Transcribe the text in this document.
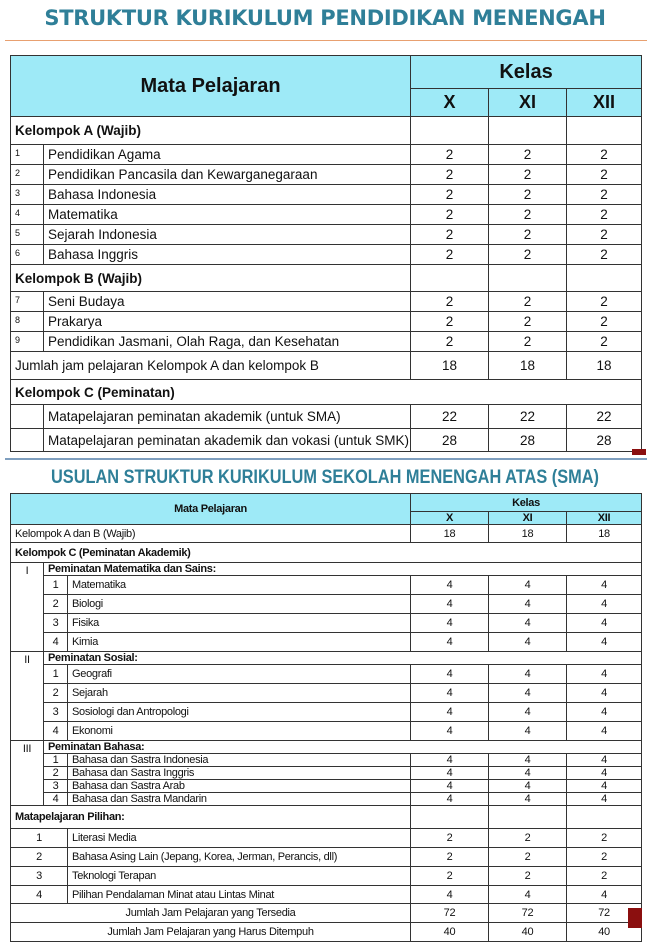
STRUKTUR KURIKULUM PENDIDIKAN MENENGAH
Mata Pelajaran		Kelas		
		X	XI	XII
Kelompok A (Wajib)				
1	Pendidikan Agama	2	2	2
2	Pendidikan Pancasila dan Kewarganegaraan	2	2	2
3	Bahasa Indonesia	2	2	2
4	Matematika	2	2	2
5	Sejarah Indonesia	2	2	2
6	Bahasa Inggris	2	2	2
Kelompok B (Wajib)				
7	Seni Budaya	2	2	2
8	Prakarya	2	2	2
9	Pendidikan Jasmani, Olah Raga, dan Kesehatan	2	2	2
Jumlah jam pelajaran Kelompok A dan kelompok B		18	18	18
Kelompok C (Peminatan)				
	Matapelajaran peminatan akademik (untuk SMA)	22	22	22
	Matapelajaran peminatan akademik dan vokasi (untuk SMK)	28	28	28
USULAN STRUKTUR KURIKULUM SEKOLAH MENENGAH ATAS (SMA)
Mata Pelajaran			Kelas		
			X	XI	XII
Kelompok A dan B (Wajib)			18	18	18
Kelompok C (Peminatan Akademik)					
I	Peminatan Matematika dan Sains:				
	1	Matematika	4	4	4
	2	Biologi	4	4	4
	3	Fisika	4	4	4
	4	Kimia	4	4	4
II	Peminatan Sosial:				
	1	Geografi	4	4	4
	2	Sejarah	4	4	4
	3	Sosiologi dan Antropologi	4	4	4
	4	Ekonomi	4	4	4
III	Peminatan Bahasa:				
	1	Bahasa dan Sastra Indonesia	4	4	4
	2	Bahasa dan Sastra Inggris	4	4	4
	3	Bahasa dan Sastra Arab	4	4	4
	4	Bahasa dan Sastra Mandarin	4	4	4
Matapelajaran Pilihan:					
1		Literasi Media	2	2	2
2		Bahasa Asing Lain (Jepang, Korea, Jerman, Perancis, dll)	2	2	2
3		Teknologi Terapan	2	2	2
4		Pilihan Pendalaman Minat atau Lintas Minat	4	4	4
Jumlah Jam Pelajaran yang Tersedia			72	72	72
Jumlah Jam Pelajaran yang Harus Ditempuh			40	40	40
